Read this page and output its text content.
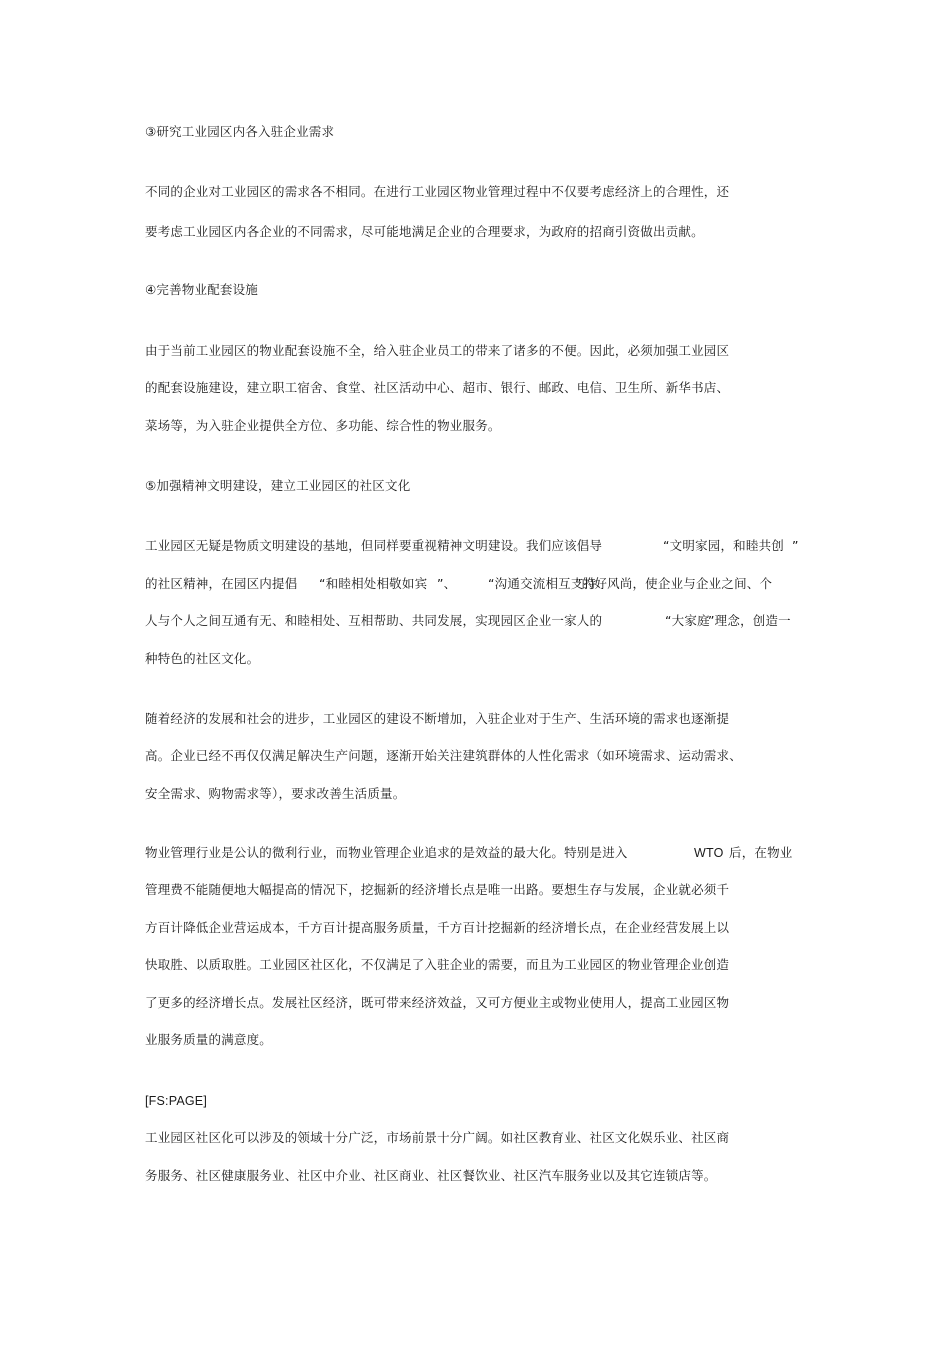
③研究工业园区内各入驻企业需求
不同的企业对工业园区的需求各不相同。在进行工业园区物业管理过程中不仅要考虑经济上的合理性，还
要考虑工业园区内各企业的不同需求，尽可能地满足企业的合理要求，为政府的招商引资做出贡献。
④完善物业配套设施
由于当前工业园区的物业配套设施不全，给入驻企业员工的带来了诸多的不便。因此，必须加强工业园区
的配套设施建设，建立职工宿舍、食堂、社区活动中心、超市、银行、邮政、电信、卫生所、新华书店、
菜场等，为入驻企业提供全方位、多功能、综合性的物业服务。
⑤加强精神文明建设，建立工业园区的社区文化
工业园区无疑是物质文明建设的基地，但同样要重视精神文明建设。我们应该倡导	“文明家园，和睦共创 ”
的社区精神，在园区内提倡 “和睦相处相敬如宾 ”、	“沟通交流相互支持
”的好风尚，使企业与企业之间、个
人与个人之间互通有无、和睦相处、互相帮助、共同发展，实现园区企业一家人的	“大家庭
”理念，创造一
种特色的社区文化。
随着经济的发展和社会的进步，工业园区的建设不断增加，入驻企业对于生产、生活环境的需求也逐渐提
高。企业已经不再仅仅满足解决生产问题，逐渐开始关注建筑群体的人性化需求（如环境需求、运动需求、
安全需求、购物需求等），要求改善生活质量。
物业管理行业是公认的微利行业，而物业管理企业追求的是效益的最大化。特别是进入	WTO 后，在物业
管理费不能随便地大幅提高的情况下，挖掘新的经济增长点是唯一出路。要想生存与发展，企业就必须千
方百计降低企业营运成本，千方百计提高服务质量，千方百计挖掘新的经济增长点，在企业经营发展上以
快取胜、以质取胜。工业园区社区化，不仅满足了入驻企业的需要，而且为工业园区的物业管理企业创造
了更多的经济增长点。发展社区经济，既可带来经济效益，又可方便业主或物业使用人，提高工业园区物
业服务质量的满意度。
[FS:PAGE]
工业园区社区化可以涉及的领域十分广泛，市场前景十分广阔。如社区教育业、社区文化娱乐业、社区商
务服务、社区健康服务业、社区中介业、社区商业、社区餐饮业、社区汽车服务业以及其它连锁店等。
